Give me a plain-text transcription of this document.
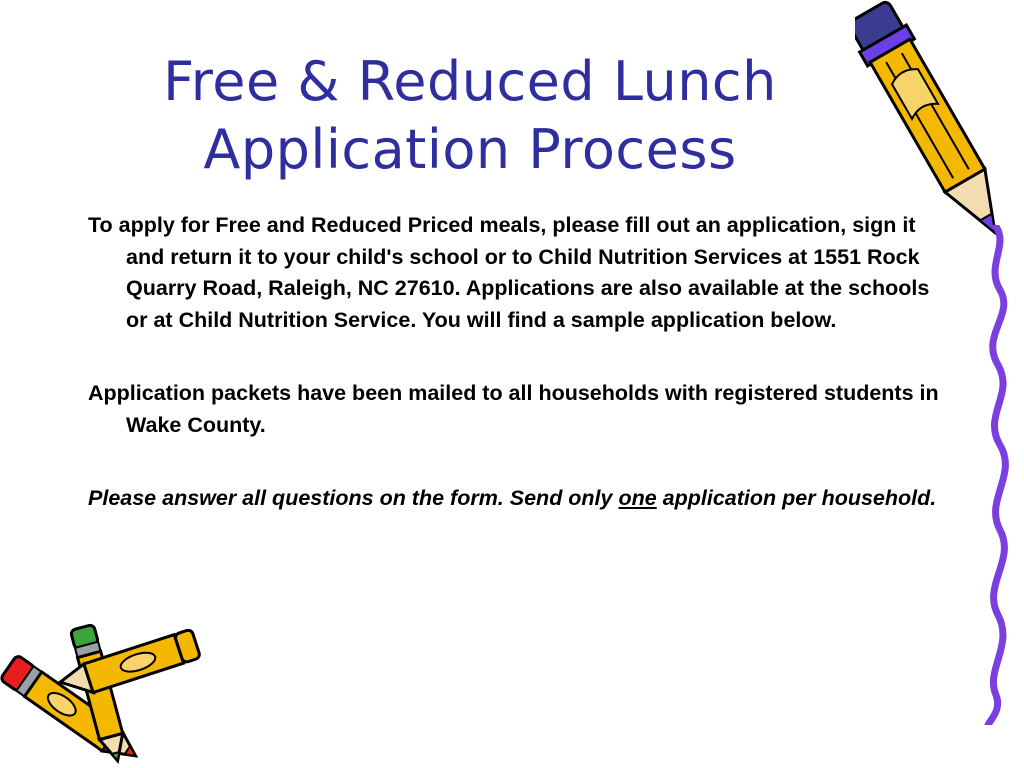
Free & Reduced Lunch
Application Process

To apply for Free and Reduced Priced meals, please fill out an application, sign it and return it to your child's school or to Child Nutrition Services at 1551 Rock Quarry Road, Raleigh, NC 27610. Applications are also available at the schools or at Child Nutrition Service. You will find a sample application below.

Application packets have been mailed to all households with registered students in Wake County.

Please answer all questions on the form. Send only one application per household.
